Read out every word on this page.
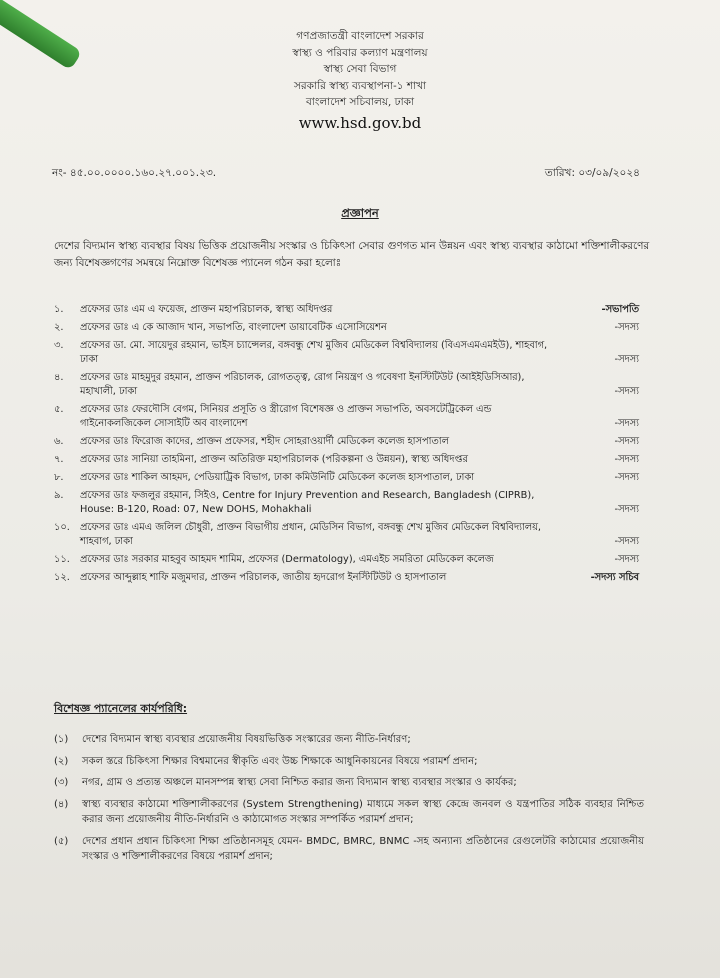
গণপ্রজাতন্ত্রী বাংলাদেশ সরকার
স্বাস্থ্য ও পরিবার কল্যাণ মন্ত্রণালয়
স্বাস্থ্য সেবা বিভাগ
সরকারি স্বাস্থ্য ব্যবস্থাপনা-১ শাখা
বাংলাদেশ সচিবালয়, ঢাকা
www.hsd.gov.bd
নং- ৪৫.০০.০০০০.১৬০.২৭.০০১.২৩.	তারিখ: ০৩/০৯/২০২৪
প্রজ্ঞাপন
দেশের বিদ্যমান স্বাস্থ্য ব্যবস্থার বিষয় ভিত্তিক প্রয়োজনীয় সংস্কার ও চিকিৎসা সেবার গুণগত মান উন্নয়ন এবং স্বাস্থ্য ব্যবস্থার কাঠামো শক্তিশালীকরণের জন্য বিশেষজ্ঞগণের সমন্বয়ে নিম্নোক্ত বিশেষজ্ঞ প্যানেল গঠন করা হলোঃ
১.	প্রফেসর ডাঃ এম এ ফয়েজ, প্রাক্তন মহাপরিচালক, স্বাস্থ্য অধিদপ্তর	-সভাপতি
২.	প্রফেসর ডাঃ এ কে আজাদ খান, সভাপতি, বাংলাদেশ ডায়াবেটিক এসোসিয়েশন	-সদস্য
৩.	প্রফেসর ডা. মো. সায়েদুর রহমান, ভাইস চ্যান্সেলর, বঙ্গবন্ধু শেখ মুজিব মেডিকেল বিশ্ববিদ্যালয় (বিএসএমএমইউ), শাহবাগ, ঢাকা	-সদস্য
৪.	প্রফেসর ডাঃ মাহমুদুর রহমান, প্রাক্তন পরিচালক, রোগতত্ত্ব, রোগ নিয়ন্ত্রণ ও গবেষণা ইনস্টিটিউট (আইইডিসিআর), মহাখালী, ঢাকা	-সদস্য
৫.	প্রফেসর ডাঃ ফেরদৌসি বেগম, সিনিয়র প্রসূতি ও স্ত্রীরোগ বিশেষজ্ঞ ও প্রাক্তন সভাপতি, অবসটেট্রিকেল এন্ড গাইনোকলজিকেল সোসাইটি অব বাংলাদেশ	-সদস্য
৬.	প্রফেসর ডাঃ ফিরোজ কাদের, প্রাক্তন প্রফেসর, শহীদ সোহরাওয়ার্দী মেডিকেল কলেজ হাসপাতাল	-সদস্য
৭.	প্রফেসর ডাঃ সানিয়া তাহমিনা, প্রাক্তন অতিরিক্ত মহাপরিচালক (পরিকল্পনা ও উন্নয়ন), স্বাস্থ্য অধিদপ্তর	-সদস্য
৮.	প্রফেসর ডাঃ শাকিল আহমদ, পেডিয়াট্রিক বিভাগ, ঢাকা কমিউনিটি মেডিকেল কলেজ হাসপাতাল, ঢাকা	-সদস্য
৯.	প্রফেসর ডাঃ ফজলুর রহমান, সিইও, Centre for Injury Prevention and Research, Bangladesh (CIPRB), House: B-120, Road: 07, New DOHS, Mohakhali	-সদস্য
১০.	প্রফেসর ডাঃ এমএ জলিল চৌধুরী, প্রাক্তন বিভাগীয় প্রধান, মেডিসিন বিভাগ, বঙ্গবন্ধু শেখ মুজিব মেডিকেল বিশ্ববিদ্যালয়, শাহবাগ, ঢাকা	-সদস্য
১১.	প্রফেসর ডাঃ সরকার মাহবুব আহমদ শামিম, প্রফেসর (Dermatology), এমএইচ সমরিতা মেডিকেল কলেজ	-সদস্য
১২.	প্রফেসর আব্দুল্লাহ শাফি মজুমদার, প্রাক্তন পরিচালক, জাতীয় হৃদরোগ ইনস্টিটিউট ও হাসপাতাল	-সদস্য সচিব
বিশেষজ্ঞ প্যানেলের কার্যপরিধি:
(১)	দেশের বিদ্যমান স্বাস্থ্য ব্যবস্থার প্রয়োজনীয় বিষয়ভিত্তিক সংস্কারের জন্য নীতি-নির্ধারণ;
(২)	সকল স্তরে চিকিৎসা শিক্ষার বিশ্বমানের স্বীকৃতি এবং উচ্চ শিক্ষাকে আধুনিকায়নের বিষয়ে পরামর্শ প্রদান;
(৩)	নগর, গ্রাম ও প্রত্যন্ত অঞ্চলে মানসম্পন্ন স্বাস্থ্য সেবা নিশ্চিত করার জন্য বিদ্যমান স্বাস্থ্য ব্যবস্থার সংস্কার ও কার্যকর;
(৪)	স্বাস্থ্য ব্যবস্থার কাঠামো শক্তিশালীকরণের (System Strengthening) মাধ্যমে সকল স্বাস্থ্য কেন্দ্রে জনবল ও যন্ত্রপাতির সঠিক ব্যবহার নিশ্চিত করার জন্য প্রয়োজনীয় নীতি-নির্ধারনি ও কাঠামোগত সংস্কার সম্পর্কিত পরামর্শ প্রদান;
(৫)	দেশের প্রধান প্রধান চিকিৎসা শিক্ষা প্রতিষ্ঠানসমূহ যেমন- BMDC, BMRC, BNMC -সহ অন্যান্য প্রতিষ্ঠানের রেগুলেটরি কাঠামোর প্রয়োজনীয় সংস্কার ও শক্তিশালীকরণের বিষয়ে পরামর্শ প্রদান;
